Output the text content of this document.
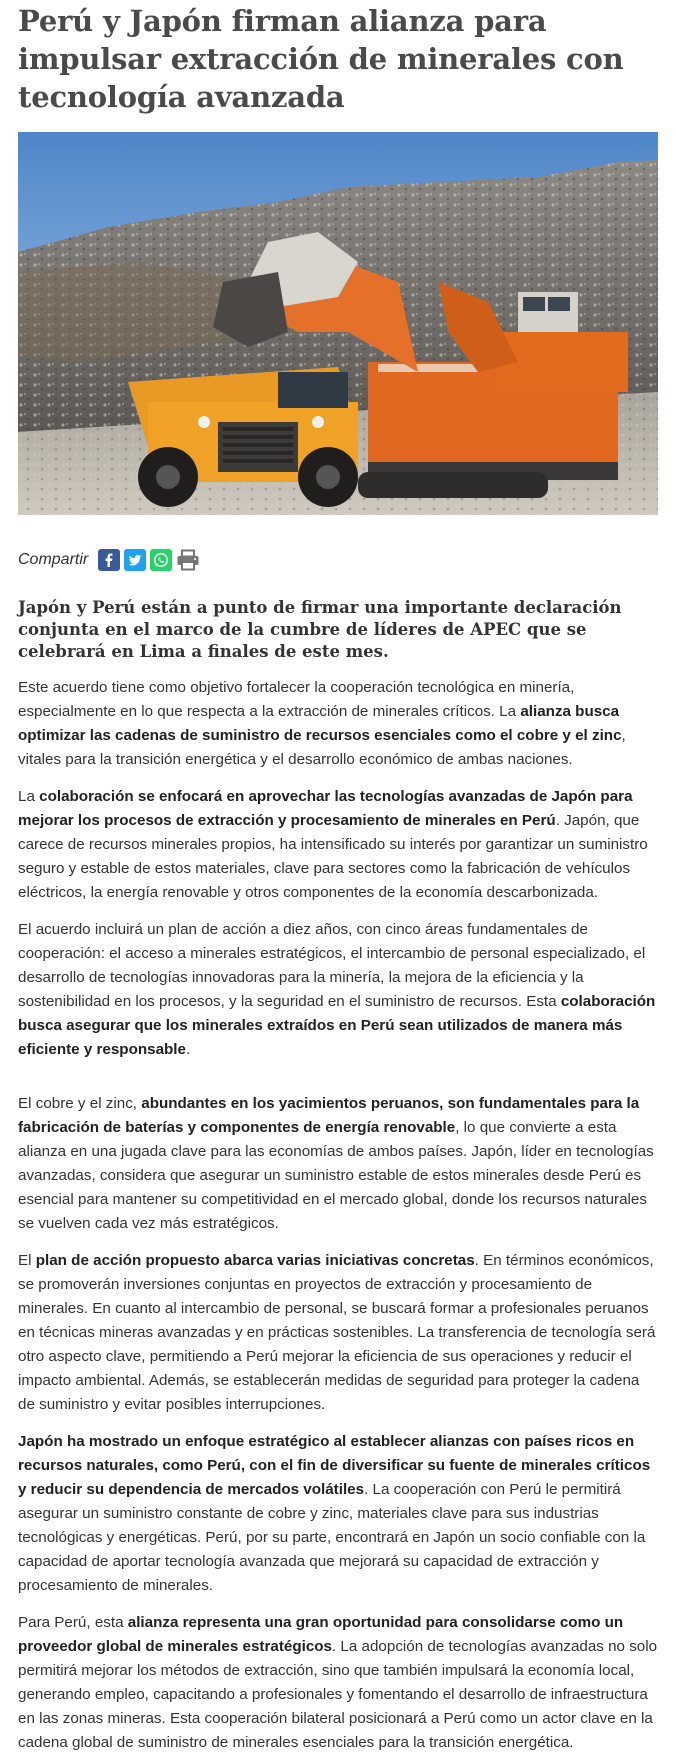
Perú y Japón firman alianza para impulsar extracción de minerales con tecnología avanzada
Compartir

Japón y Perú están a punto de firmar una importante declaración conjunta en el marco de la cumbre de líderes de APEC que se celebrará en Lima a finales de este mes.

Este acuerdo tiene como objetivo fortalecer la cooperación tecnológica en minería, especialmente en lo que respecta a la extracción de minerales críticos. La alianza busca optimizar las cadenas de suministro de recursos esenciales como el cobre y el zinc, vitales para la transición energética y el desarrollo económico de ambas naciones.

La colaboración se enfocará en aprovechar las tecnologías avanzadas de Japón para mejorar los procesos de extracción y procesamiento de minerales en Perú. Japón, que carece de recursos minerales propios, ha intensificado su interés por garantizar un suministro seguro y estable de estos materiales, clave para sectores como la fabricación de vehículos eléctricos, la energía renovable y otros componentes de la economía descarbonizada.

El acuerdo incluirá un plan de acción a diez años, con cinco áreas fundamentales de cooperación: el acceso a minerales estratégicos, el intercambio de personal especializado, el desarrollo de tecnologías innovadoras para la minería, la mejora de la eficiencia y la sostenibilidad en los procesos, y la seguridad en el suministro de recursos. Esta colaboración busca asegurar que los minerales extraídos en Perú sean utilizados de manera más eficiente y responsable.

El cobre y el zinc, abundantes en los yacimientos peruanos, son fundamentales para la fabricación de baterías y componentes de energía renovable, lo que convierte a esta alianza en una jugada clave para las economías de ambos países. Japón, líder en tecnologías avanzadas, considera que asegurar un suministro estable de estos minerales desde Perú es esencial para mantener su competitividad en el mercado global, donde los recursos naturales se vuelven cada vez más estratégicos.

El plan de acción propuesto abarca varias iniciativas concretas. En términos económicos, se promoverán inversiones conjuntas en proyectos de extracción y procesamiento de minerales. En cuanto al intercambio de personal, se buscará formar a profesionales peruanos en técnicas mineras avanzadas y en prácticas sostenibles. La transferencia de tecnología será otro aspecto clave, permitiendo a Perú mejorar la eficiencia de sus operaciones y reducir el impacto ambiental. Además, se establecerán medidas de seguridad para proteger la cadena de suministro y evitar posibles interrupciones.

Japón ha mostrado un enfoque estratégico al establecer alianzas con países ricos en recursos naturales, como Perú, con el fin de diversificar su fuente de minerales críticos y reducir su dependencia de mercados volátiles. La cooperación con Perú le permitirá asegurar un suministro constante de cobre y zinc, materiales clave para sus industrias tecnológicas y energéticas. Perú, por su parte, encontrará en Japón un socio confiable con la capacidad de aportar tecnología avanzada que mejorará su capacidad de extracción y procesamiento de minerales.

Para Perú, esta alianza representa una gran oportunidad para consolidarse como un proveedor global de minerales estratégicos. La adopción de tecnologías avanzadas no solo permitirá mejorar los métodos de extracción, sino que también impulsará la economía local, generando empleo, capacitando a profesionales y fomentando el desarrollo de infraestructura en las zonas mineras. Esta cooperación bilateral posicionará a Perú como un actor clave en la cadena global de suministro de minerales esenciales para la transición energética.
